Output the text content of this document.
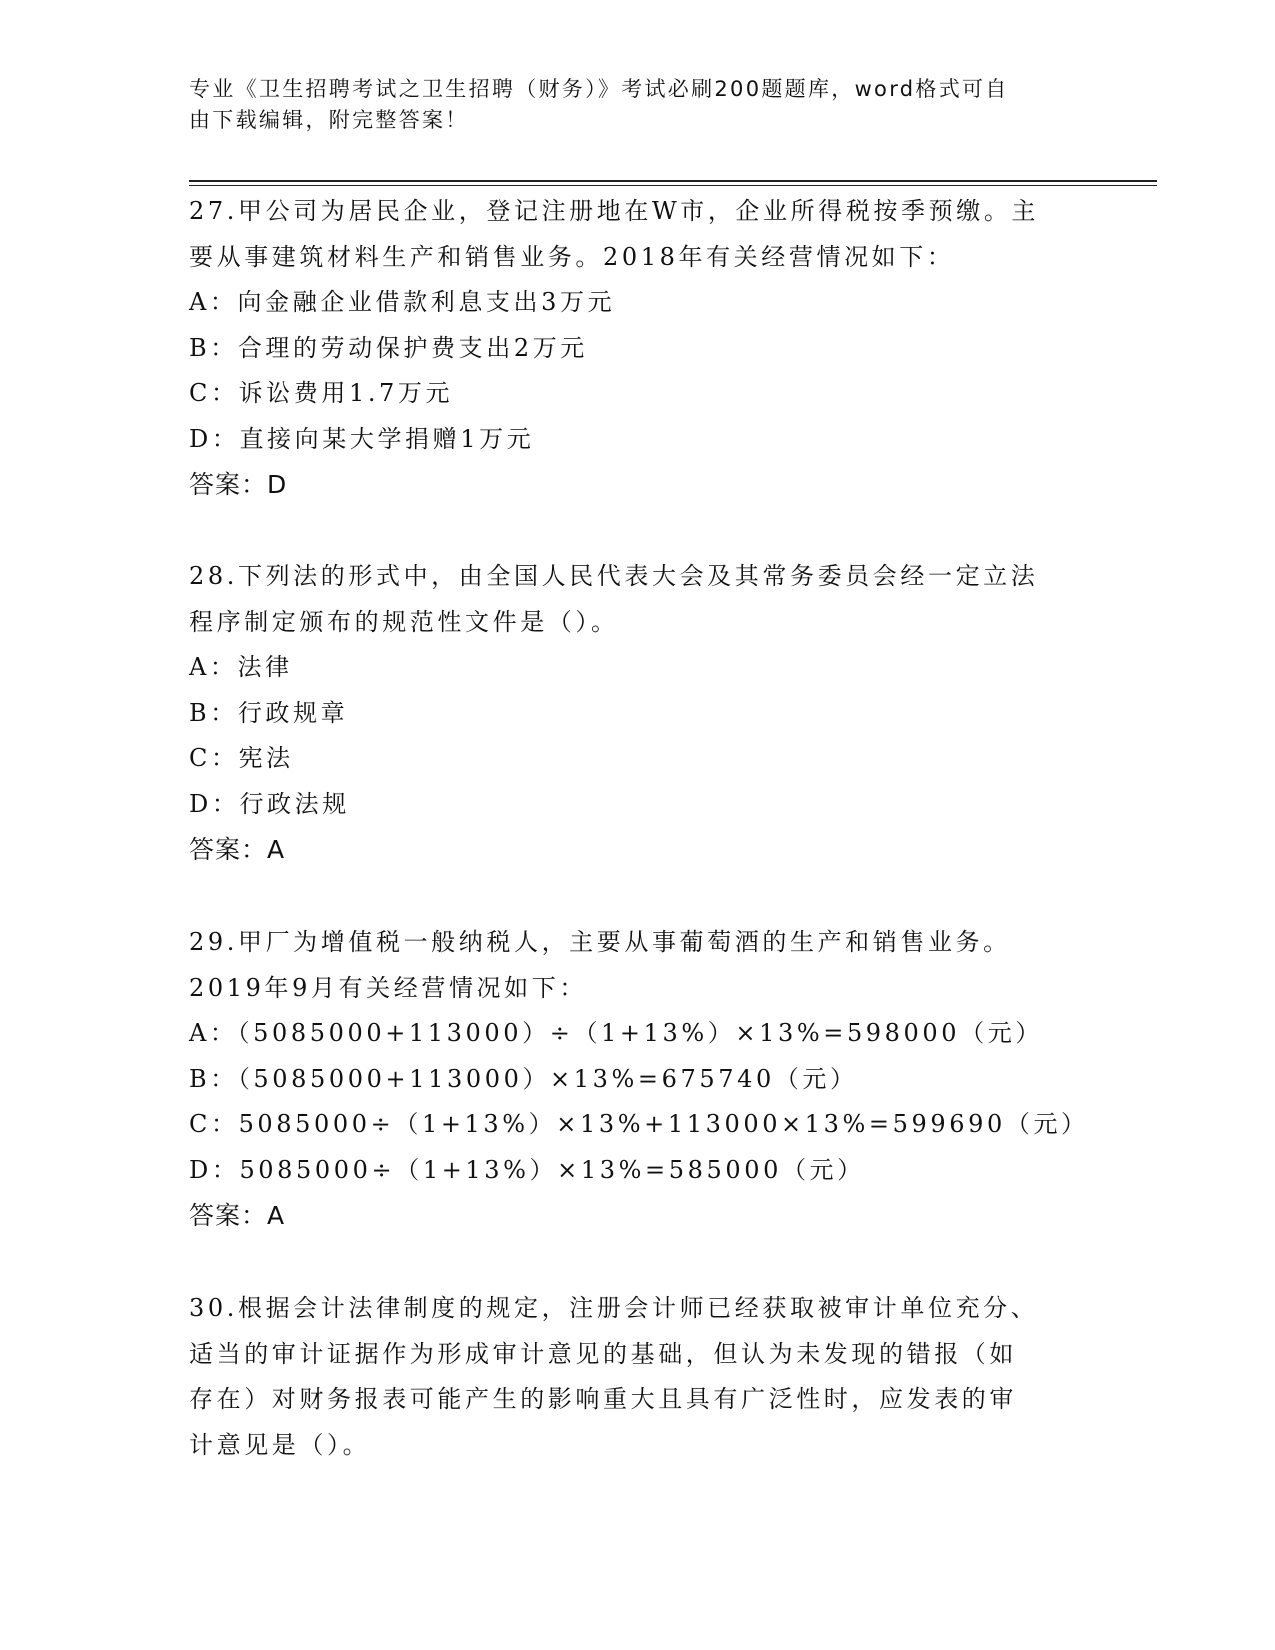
专业《卫生招聘考试之卫生招聘（财务）》考试必刷200题题库，word格式可自
由下载编辑，附完整答案！
27.甲公司为居民企业，登记注册地在W市，企业所得税按季预缴。主
要从事建筑材料生产和销售业务。2018年有关经营情况如下：
A：向金融企业借款利息支出3万元
B：合理的劳动保护费支出2万元
C：诉讼费用1.7万元
D：直接向某大学捐赠1万元
答案：D
28.下列法的形式中，由全国人民代表大会及其常务委员会经一定立法
程序制定颁布的规范性文件是（）。
A：法律
B：行政规章
C：宪法
D：行政法规
答案：A
29.甲厂为增值税一般纳税人，主要从事葡萄酒的生产和销售业务。
2019年9月有关经营情况如下：
A：（5085000+113000）÷（1+13%）×13%=598000（元）
B：（5085000+113000）×13%=675740（元）
C：5085000÷（1+13%）×13%+113000×13%=599690（元）
D：5085000÷（1+13%）×13%=585000（元）
答案：A
30.根据会计法律制度的规定，注册会计师已经获取被审计单位充分、
适当的审计证据作为形成审计意见的基础，但认为未发现的错报（如
存在）对财务报表可能产生的影响重大且具有广泛性时，应发表的审
计意见是（）。
